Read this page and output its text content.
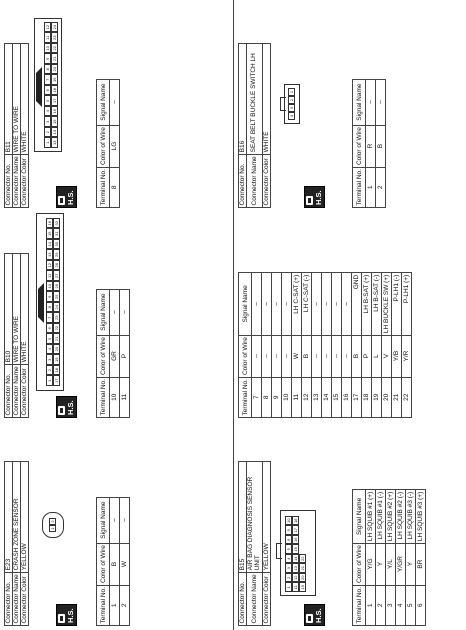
Connector No.	E23
Connector Name	CRASH ZONE SENSOR
Connector Color	YELLOW
H.S.
1
2
Terminal No.	Color of Wire	Signal Name
1	B	–
2	W	–
Connector No.	B10
Connector Name	WIRE TO WIRE
Connector Color	WHITE
H.S.
1
2
3
4
5
6
7
8
9
10
11
12
13
14
15
16
17
18
19
20
21
22
23
24
25
26
27
28
29
30
31
32
Terminal No.	Color of Wire	Signal Name
10	GR	–
11	P	–
Connector No.	B11
Connector Name	WIRE TO WIRE
Connector Color	WHITE
H.S.
1
2
3
4
5
6
7
8
9
10
11
12
13
14
15
16
17
18
19
20
21
22
23
24
Terminal No.	Color of Wire	Signal Name
8	LG	–
Connector No.	B15
Connector Name	AIR BAG DIAGNOSIS SENSOR UNIT
Connector Color	YELLOW
H.S.
1
2
3
4
5
6
9
10
11
12
13
14
15
16
17
18
19
20
21
22
Terminal No.	Color of Wire	Signal Name
1	Y/G	LH SQUIB #1 (+)
2	Y	LH SQUIB #1 (-)
3	Y/L	LH SQUIB #2 (+)
4	Y/GR	LH SQUIB #2 (-)
5	Y	LH SQUIB #3 (-)
6	BR	LH SQUIB #3 (+)
Terminal No.	Color of Wire	Signal Name
7	–	–
8	–	–
9	–	–
10	–	–
11	W	LH C-SAT (+)
12	B	LH C-SAT (-)
13	–	–
14	–	–
15	–	–
16	–	–
17	B	GND
18	P	LH B-SAT (+)
19	L	LH B-SAT (-)
20	V	LH BUCKLE SW (+)
21	Y/B	P-LH1 (-)
22	Y/R	P-LH1 (+)
Connector No.	B16
Connector Name	SEAT BELT BUCKLE SWITCH LH
Connector Color	WHITE
H.S.
4
3
2
1
Terminal No.	Color of Wire	Signal Name
1	R	–
2	B	–
